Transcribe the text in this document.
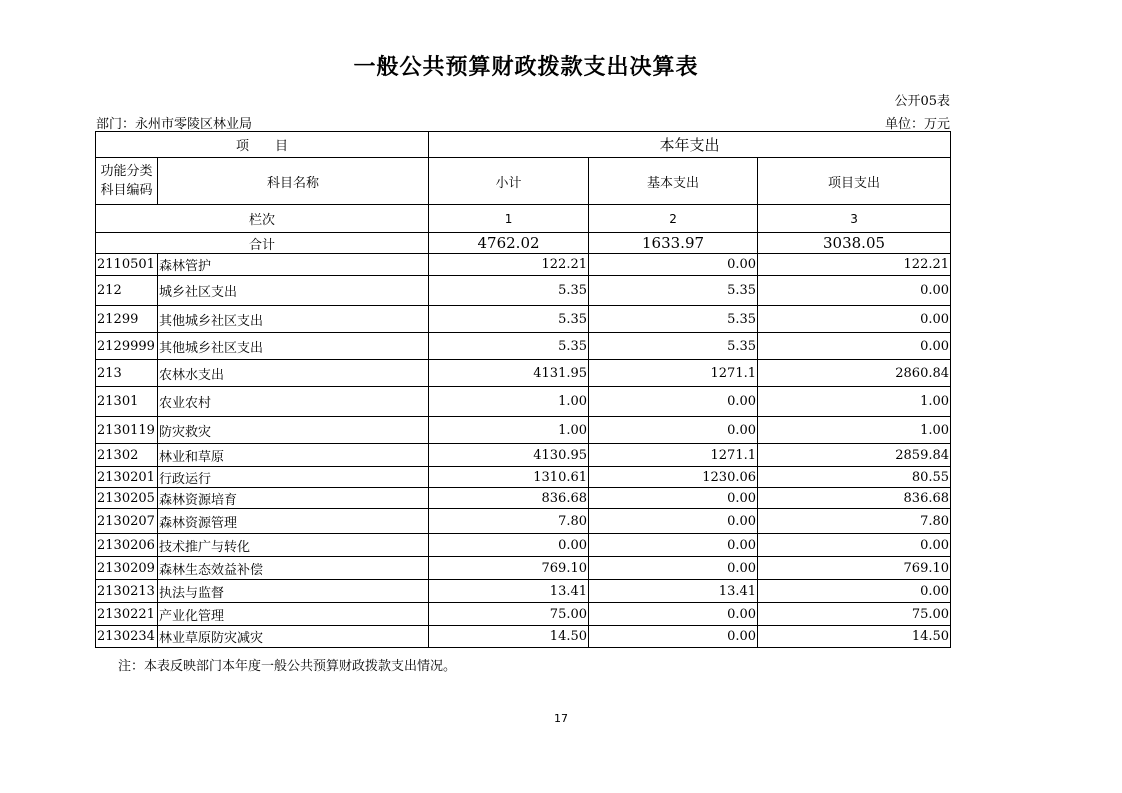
一般公共预算财政拨款支出决算表
公开05表
部门：永州市零陵区林业局	单位：万元
项　　目		本年支出		
功能分类
科目编码	科目名称	小计	基本支出	项目支出
栏次		1	2	3
合计		4762.02	1633.97	3038.05
2110501	森林管护	122.21	0.00	122.21
212	城乡社区支出	5.35	5.35	0.00
21299	其他城乡社区支出	5.35	5.35	0.00
2129999	其他城乡社区支出	5.35	5.35	0.00
213	农林水支出	4131.95	1271.1	2860.84
21301	农业农村	1.00	0.00	1.00
2130119	防灾救灾	1.00	0.00	1.00
21302	林业和草原	4130.95	1271.1	2859.84
2130201	行政运行	1310.61	1230.06	80.55
2130205	森林资源培育	836.68	0.00	836.68
2130207	森林资源管理	7.80	0.00	7.80
2130206	技术推广与转化	0.00	0.00	0.00
2130209	森林生态效益补偿	769.10	0.00	769.10
2130213	执法与监督	13.41	13.41	0.00
2130221	产业化管理	75.00	0.00	75.00
2130234	林业草原防灾减灾	14.50	0.00	14.50
注：本表反映部门本年度一般公共预算财政拨款支出情况。
17
